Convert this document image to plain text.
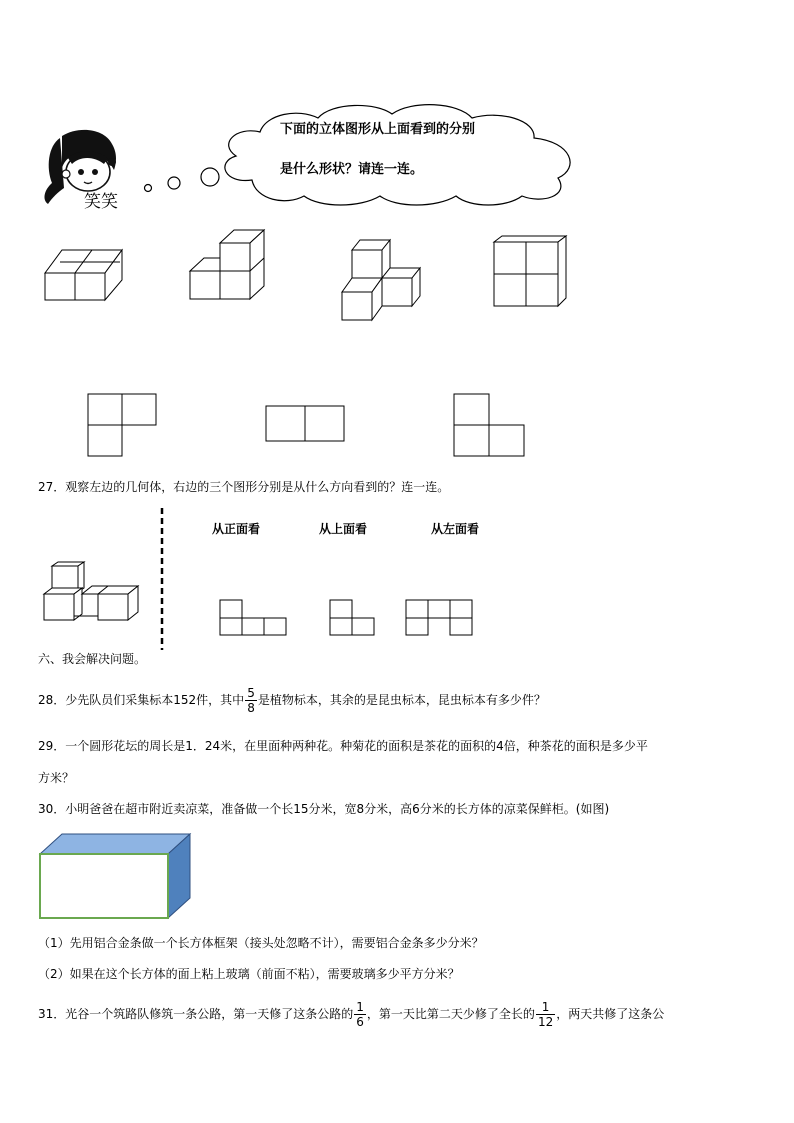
笑笑
下面的立体图形从上面看到的分别
是什么形状？请连一连。
27．观察左边的几何体，右边的三个图形分别是从什么方向看到的？连一连。
从正面看	从上面看	从左面看
六、我会解决问题。
28．少先队员们采集标本152件，其中 $\frac{5}{8}$ 是植物标本，其余的是昆虫标本，昆虫标本有多少件？
29．一个圆形花坛的周长是1．24米，在里面种两种花。种菊花的面积是茶花的面积的4倍，种茶花的面积是多少平
方米？
30．小明爸爸在超市附近卖凉菜，准备做一个长15分米，宽8分米，高6分米的长方体的凉菜保鲜柜。(如图)
（1）先用铝合金条做一个长方体框架（接头处忽略不计），需要铝合金条多少分米？
（2）如果在这个长方体的面上粘上玻璃（前面不粘），需要玻璃多少平方分米？
31．光谷一个筑路队修筑一条公路，第一天修了这条公路的 $\frac{1}{6}$ ，第一天比第二天少修了全长的 $\frac{1}{12}$ ，两天共修了这条公
